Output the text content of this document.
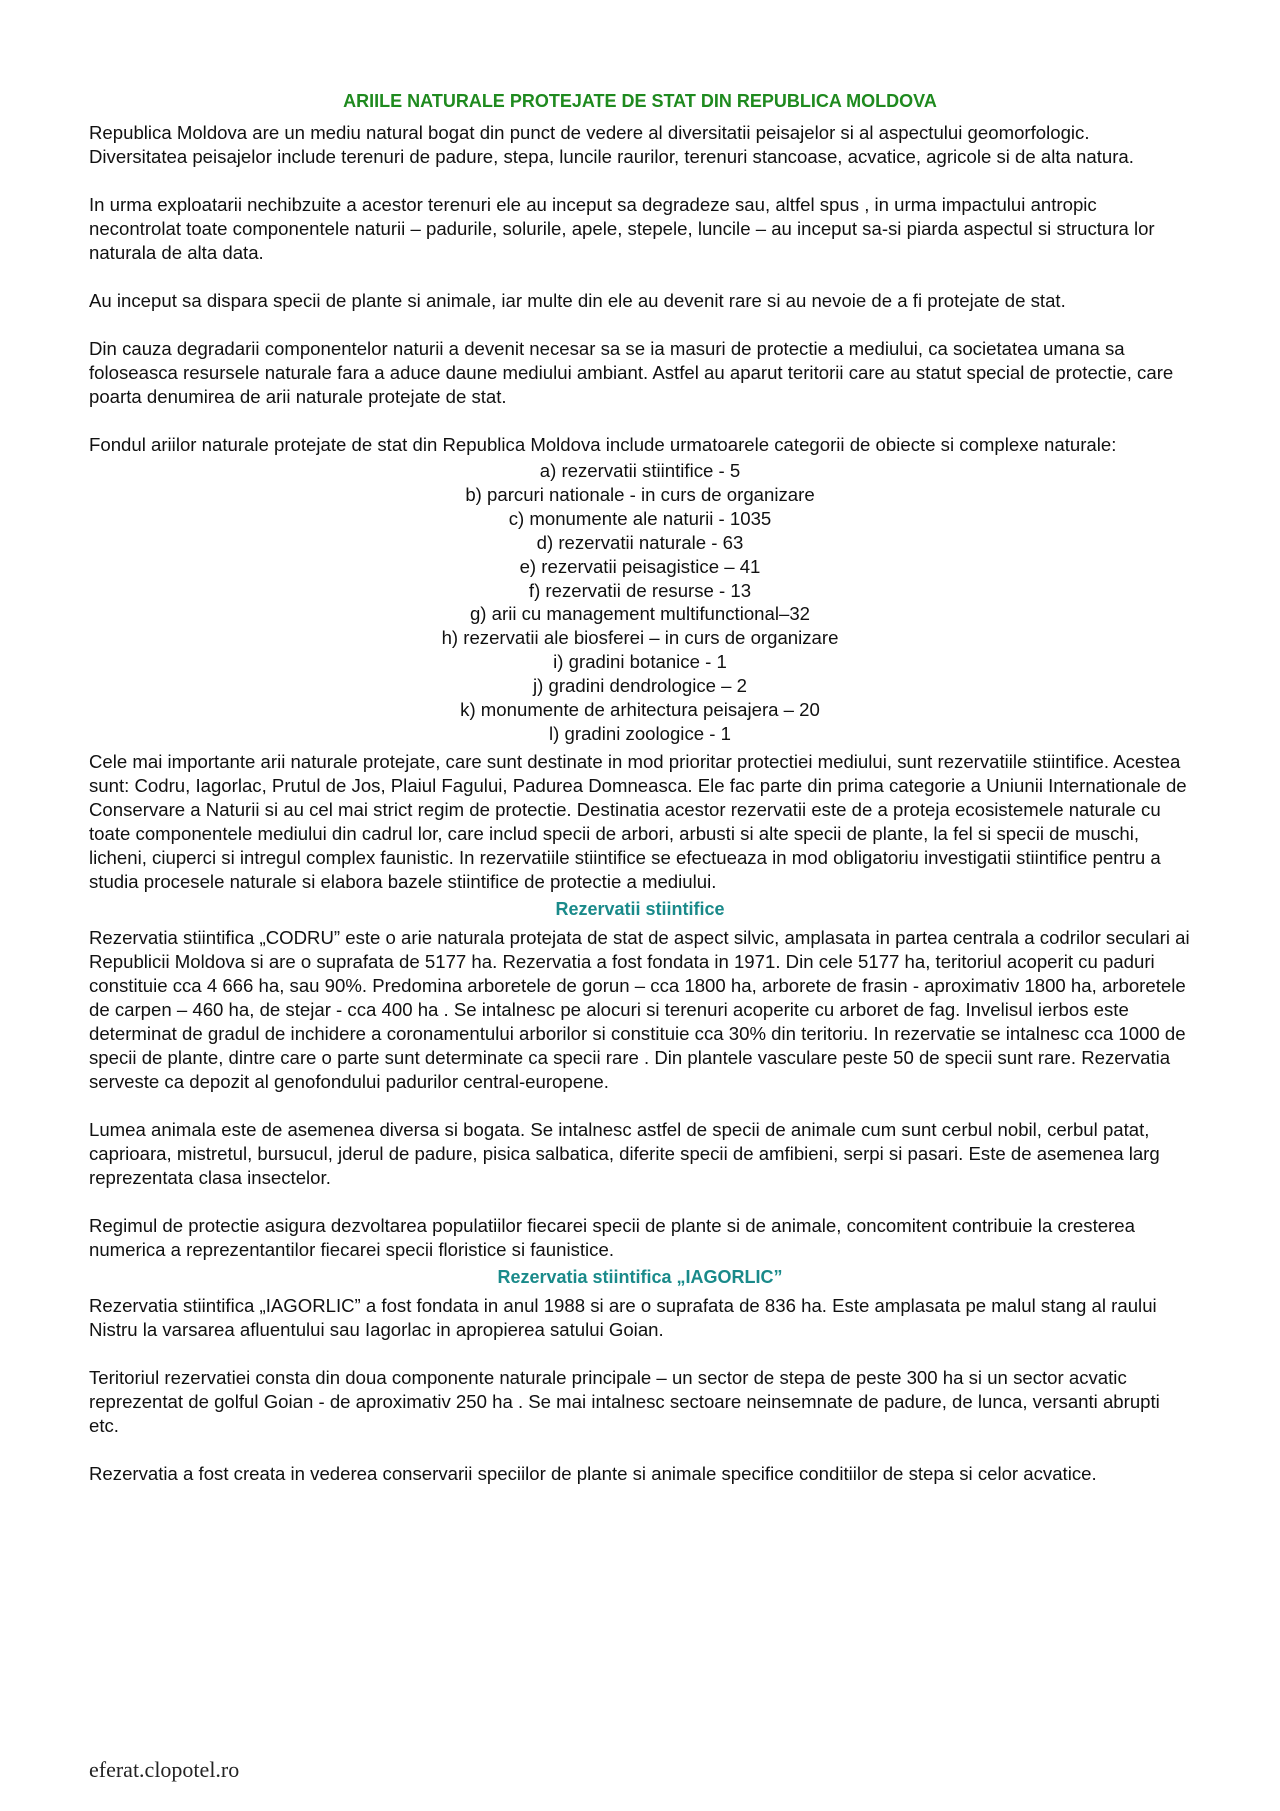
ARIILE NATURALE PROTEJATE DE STAT DIN REPUBLICA MOLDOVA

Republica Moldova are un mediu natural bogat din punct de vedere al diversitatii peisajelor si al aspectului geomorfologic. Diversitatea peisajelor include terenuri de padure, stepa, luncile raurilor, terenuri stancoase, acvatice, agricole si de alta natura.

In urma exploatarii nechibzuite a acestor terenuri ele au inceput sa degradeze sau, altfel spus , in urma impactului antropic necontrolat toate componentele naturii – padurile, solurile, apele, stepele, luncile – au inceput sa-si piarda aspectul si structura lor naturala de alta data.

Au inceput sa dispara specii de plante si animale, iar multe din ele au devenit rare si au nevoie de a fi protejate de stat.

Din cauza degradarii componentelor naturii a devenit necesar sa se ia masuri de protectie a mediului, ca societatea umana sa foloseasca resursele naturale fara a aduce daune mediului ambiant. Astfel au aparut teritorii care au statut special de protectie, care poarta denumirea de arii naturale protejate de stat.

Fondul ariilor naturale protejate de stat din Republica Moldova include urmatoarele categorii de obiecte si complexe naturale:

a) rezervatii stiintifice - 5
b) parcuri nationale - in curs de organizare
c) monumente ale naturii - 1035
d) rezervatii naturale - 63
e) rezervatii peisagistice – 41
f) rezervatii de resurse - 13
g) arii cu management multifunctional–32
h) rezervatii ale biosferei – in curs de organizare
i) gradini botanice - 1
j) gradini dendrologice – 2
k) monumente de arhitectura peisajera – 20
l) gradini zoologice - 1

Cele mai importante arii naturale protejate, care sunt destinate in mod prioritar protectiei mediului, sunt rezervatiile stiintifice. Acestea sunt: Codru, Iagorlac, Prutul de Jos, Plaiul Fagului, Padurea Domneasca. Ele fac parte din prima categorie a Uniunii Internationale de Conservare a Naturii si au cel mai strict regim de protectie. Destinatia acestor rezervatii este de a proteja ecosistemele naturale cu toate componentele mediului din cadrul lor, care includ specii de arbori, arbusti si alte specii de plante, la fel si specii de muschi, licheni, ciuperci si intregul complex faunistic. In rezervatiile stiintifice se efectueaza in mod obligatoriu investigatii stiintifice pentru a studia procesele naturale si elabora bazele stiintifice de protectie a mediului.

Rezervatii stiintifice

Rezervatia stiintifica „CODRU” este o arie naturala protejata de stat de aspect silvic, amplasata in partea centrala a codrilor seculari ai Republicii Moldova si are o suprafata de 5177 ha. Rezervatia a fost fondata in 1971. Din cele 5177 ha, teritoriul acoperit cu paduri constituie cca 4 666 ha, sau 90%. Predomina arboretele de gorun – cca 1800 ha, arborete de frasin - aproximativ 1800 ha, arboretele de carpen – 460 ha, de stejar - cca 400 ha . Se intalnesc pe alocuri si terenuri acoperite cu arboret de fag. Invelisul ierbos este determinat de gradul de inchidere a coronamentului arborilor si constituie cca 30% din teritoriu. In rezervatie se intalnesc cca 1000 de specii de plante, dintre care o parte sunt determinate ca specii rare . Din plantele vasculare peste 50 de specii sunt rare. Rezervatia serveste ca depozit al genofondului padurilor central-europene.

Lumea animala este de asemenea diversa si bogata. Se intalnesc astfel de specii de animale cum sunt cerbul nobil, cerbul patat, caprioara, mistretul, bursucul, jderul de padure, pisica salbatica, diferite specii de amfibieni, serpi si pasari. Este de asemenea larg reprezentata clasa insectelor.

Regimul de protectie asigura dezvoltarea populatiilor fiecarei specii de plante si de animale, concomitent contribuie la cresterea numerica a reprezentantilor fiecarei specii floristice si faunistice.

Rezervatia stiintifica „IAGORLIC”

Rezervatia stiintifica „IAGORLIC” a fost fondata in anul 1988 si are o suprafata de 836 ha. Este amplasata pe malul stang al raului Nistru la varsarea afluentului sau Iagorlac in apropierea satului Goian.

Teritoriul rezervatiei consta din doua componente naturale principale – un sector de stepa de peste 300 ha si un sector acvatic reprezentat de golful Goian - de aproximativ 250 ha . Se mai intalnesc sectoare neinsemnate de padure, de lunca, versanti abrupti etc.

Rezervatia a fost creata in vederea conservarii speciilor de plante si animale specifice conditiilor de stepa si celor acvatice.

eferat.clopotel.ro
